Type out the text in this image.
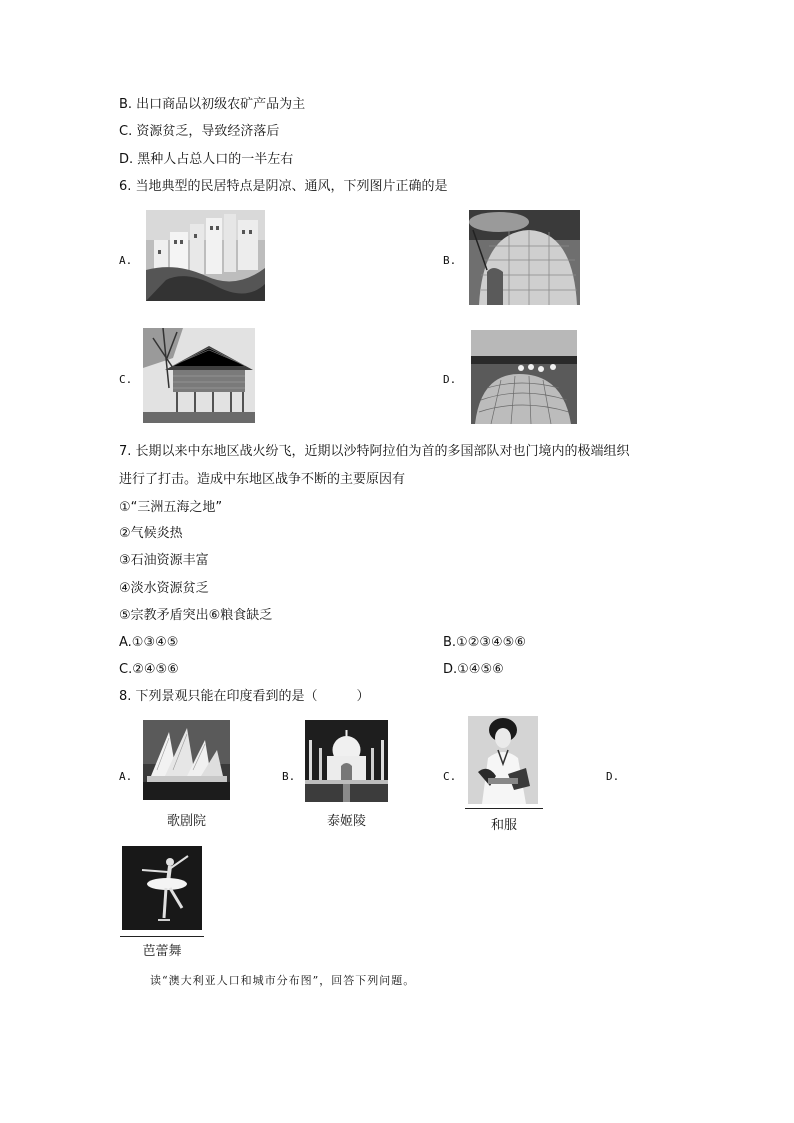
B. 出口商品以初级农矿产品为主
C. 资源贫乏，导致经济落后
D. 黑种人占总人口的一半左右
6. 当地典型的民居特点是阴凉、通风，下列图片正确的是
A.	B.
C.	D.
7. 长期以来中东地区战火纷飞，近期以沙特阿拉伯为首的多国部队对也门境内的极端组织
进行了打击。造成中东地区战争不断的主要原因有
①“三洲五海之地”
②气候炎热
③石油资源丰富
④淡水资源贫乏
⑤宗教矛盾突出⑥粮食缺乏
A.①③④⑤	B.①②③④⑤⑥
C.②④⑤⑥	D.①④⑤⑥
8. 下列景观只能在印度看到的是（　　　）
A.
歌剧院
B.
泰姬陵
C.
和服
D.
芭蕾舞
读“澳大利亚人口和城市分布图”，回答下列问题。
